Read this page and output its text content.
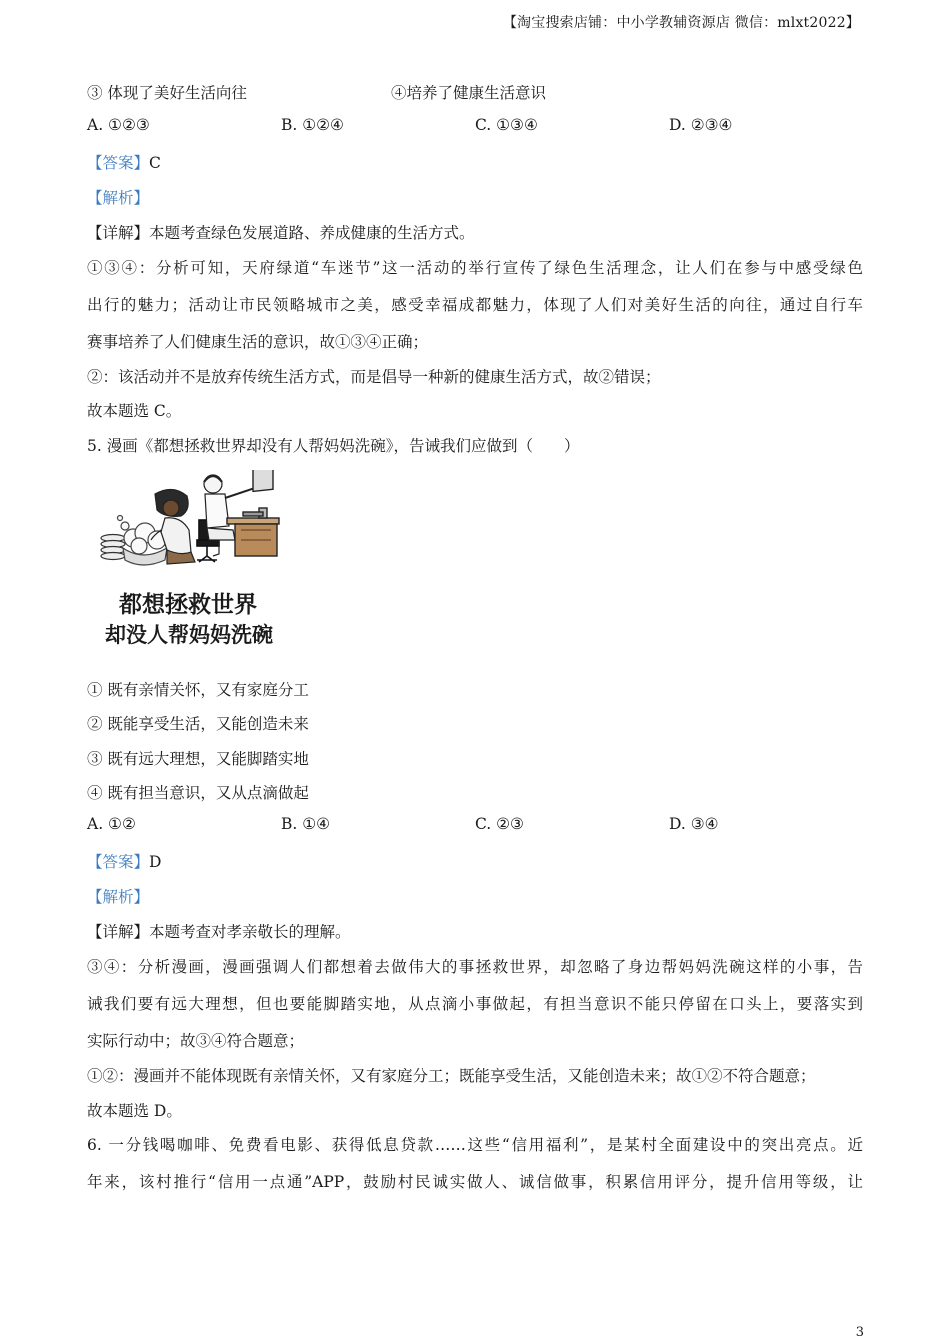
【淘宝搜索店铺：中小学教辅资源店 微信：mlxt2022】
③ 体现了美好生活向往	④培养了健康生活意识
A. ①②③	B. ①②④	C. ①③④	D. ②③④
【答案】C
【解析】
【详解】本题考查绿色发展道路、养成健康的生活方式。
①③④：分析可知，天府绿道“车迷节”这一活动的举行宣传了绿色生活理念，让人们在参与中感受绿色
出行的魅力；活动让市民领略城市之美，感受幸福成都魅力，体现了人们对美好生活的向往，通过自行车
赛事培养了人们健康生活的意识，故①③④正确；
②：该活动并不是放弃传统生活方式，而是倡导一种新的健康生活方式，故②错误；
故本题选 C。
5. 漫画《都想拯救世界却没有人帮妈妈洗碗》，告诫我们应做到（　　）
都想拯救世界
却没人帮妈妈洗碗
① 既有亲情关怀，又有家庭分工
② 既能享受生活，又能创造未来
③ 既有远大理想，又能脚踏实地
④ 既有担当意识，又从点滴做起
A. ①②	B. ①④	C. ②③	D. ③④
【答案】D
【解析】
【详解】本题考查对孝亲敬长的理解。
③④：分析漫画，漫画强调人们都想着去做伟大的事拯救世界，却忽略了身边帮妈妈洗碗这样的小事，告
诫我们要有远大理想，但也要能脚踏实地，从点滴小事做起，有担当意识不能只停留在口头上，要落实到
实际行动中；故③④符合题意；
①②：漫画并不能体现既有亲情关怀，又有家庭分工；既能享受生活，又能创造未来；故①②不符合题意；
故本题选 D。
6. 一分钱喝咖啡、免费看电影、获得低息贷款……这些“信用福利”，是某村全面建设中的突出亮点。近
年来，该村推行“信用一点通”APP，鼓励村民诚实做人、诚信做事，积累信用评分，提升信用等级，让
3
